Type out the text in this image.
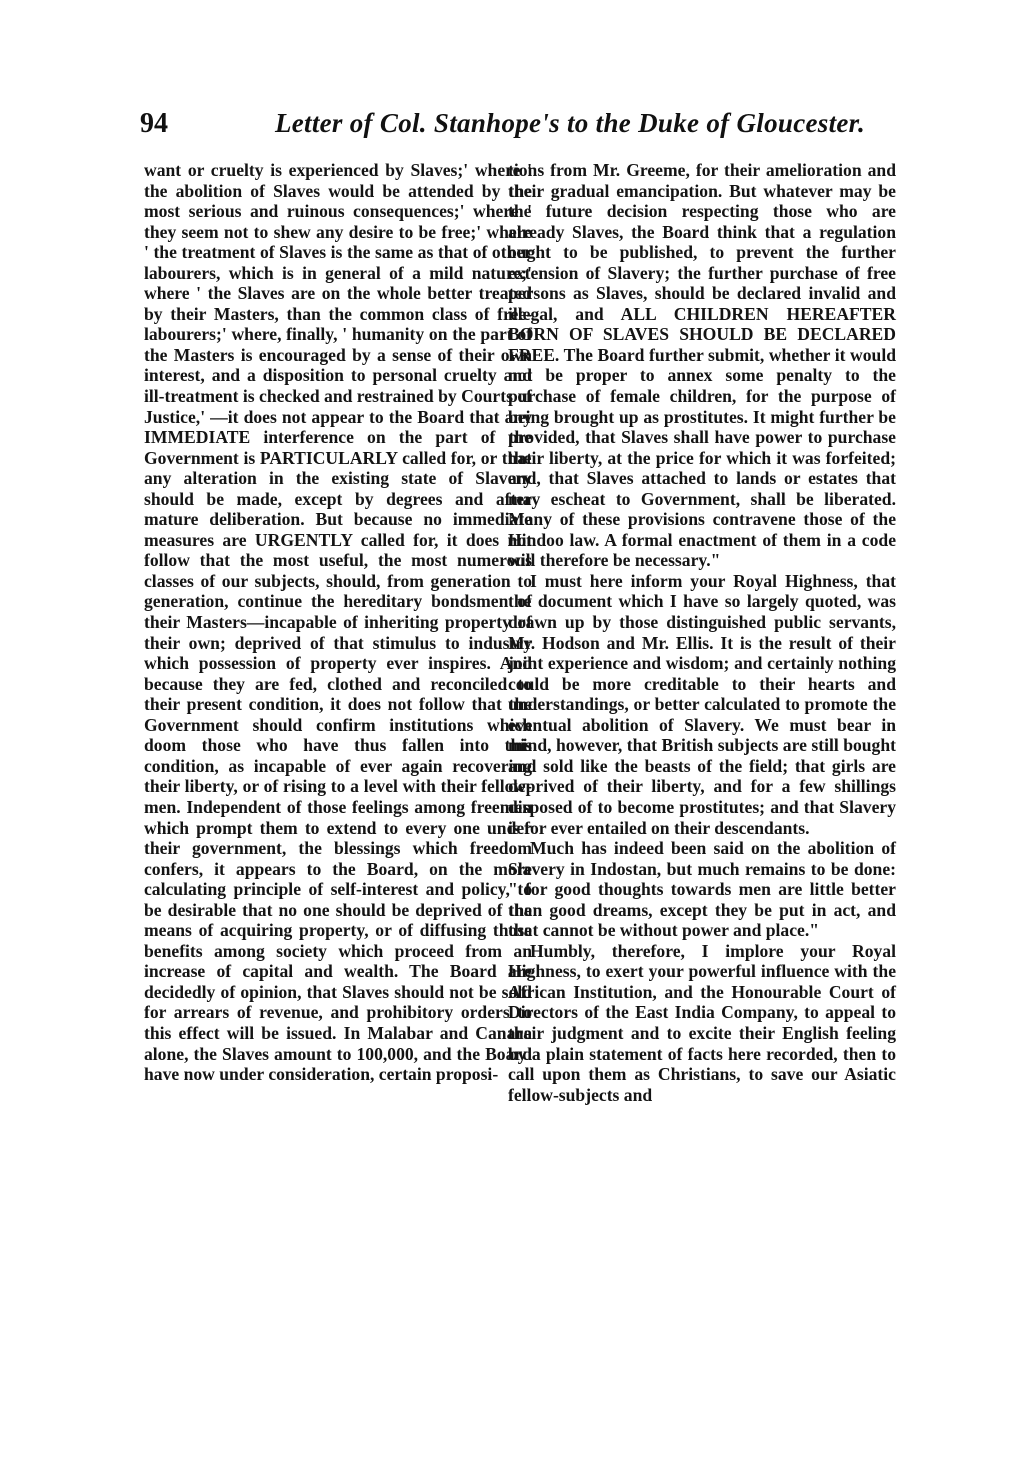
94	Letter of Col. Stanhope's to the Duke of Gloucester.

want or cruelty is experienced by Slaves;' where ' the abolition of Slaves would be attended by the most serious and ruinous consequences;' where ' they seem not to shew any desire to be free;' where ' the treatment of Slaves is the same as that of other labourers, which is in general of a mild nature;' where ' the Slaves are on the whole better treated by their Masters, than the common class of free-labourers;' where, finally, ' humanity on the part of the Masters is encouraged by a sense of their own interest, and a disposition to personal cruelty and ill-treatment is checked and restrained by Courts of Justice,' —it does not appear to the Board that any IMMEDIATE interference on the part of the Government is PARTICULARLY called for, or that any alteration in the existing state of Slavery should be made, except by degrees and after mature deliberation. But because no immediate measures are URGENTLY called for, it does not follow that the most useful, the most numerous classes of our subjects, should, from generation to generation, continue the hereditary bondsmen of their Masters—incapable of inheriting property of their own; deprived of that stimulus to industry which possession of property ever inspires. And because they are fed, clothed and reconciled to their present condition, it does not follow that the Government should confirm institutions which doom those who have thus fallen into this condition, as incapable of ever again recovering their liberty, or of rising to a level with their fellow-men. Independent of those feelings among freemen which prompt them to extend to every one under their government, the blessings which freedom confers, it appears to the Board, on the more calculating principle of self-interest and policy, to be desirable that no one should be deprived of the means of acquiring property, or of diffusing those benefits among society which proceed from an increase of capital and wealth. The Board are decidedly of opinion, that Slaves should not be sold for arrears of revenue, and prohibitory orders to this effect will be issued. In Malabar and Canara alone, the Slaves amount to 100,000, and the Board have now under consideration, certain proposi-

tions from Mr. Greeme, for their amelioration and their gradual emancipation. But whatever may be the future decision respecting those who are already Slaves, the Board think that a regulation ought to be published, to prevent the further extension of Slavery; the further purchase of free persons as Slaves, should be declared invalid and illegal, and ALL CHILDREN HEREAFTER BORN OF SLAVES SHOULD BE DECLARED FREE. The Board further submit, whether it would not be proper to annex some penalty to the purchase of female children, for the purpose of being brought up as prostitutes. It might further be provided, that Slaves shall have power to purchase their liberty, at the price for which it was forfeited; and, that Slaves attached to lands or estates that may escheat to Government, shall be liberated. Many of these provisions contravene those of the Hindoo law. A formal enactment of them in a code will therefore be necessary."

I must here inform your Royal Highness, that the document which I have so largely quoted, was drawn up by those distinguished public servants, Mr. Hodson and Mr. Ellis. It is the result of their joint experience and wisdom; and certainly nothing could be more creditable to their hearts and understandings, or better calculated to promote the eventual abolition of Slavery. We must bear in mind, however, that British subjects are still bought and sold like the beasts of the field; that girls are deprived of their liberty, and for a few shillings disposed of to become prostitutes; and that Slavery is for ever entailed on their descendants.

Much has indeed been said on the abolition of Slavery in Indostan, but much remains to be done: " for good thoughts towards men are little better than good dreams, except they be put in act, and that cannot be without power and place."

Humbly, therefore, I implore your Royal Highness, to exert your powerful influence with the African Institution, and the Honourable Court of Directors of the East India Company, to appeal to their judgment and to excite their English feeling by a plain statement of facts here recorded, then to call upon them as Christians, to save our Asiatic fellow-subjects and
